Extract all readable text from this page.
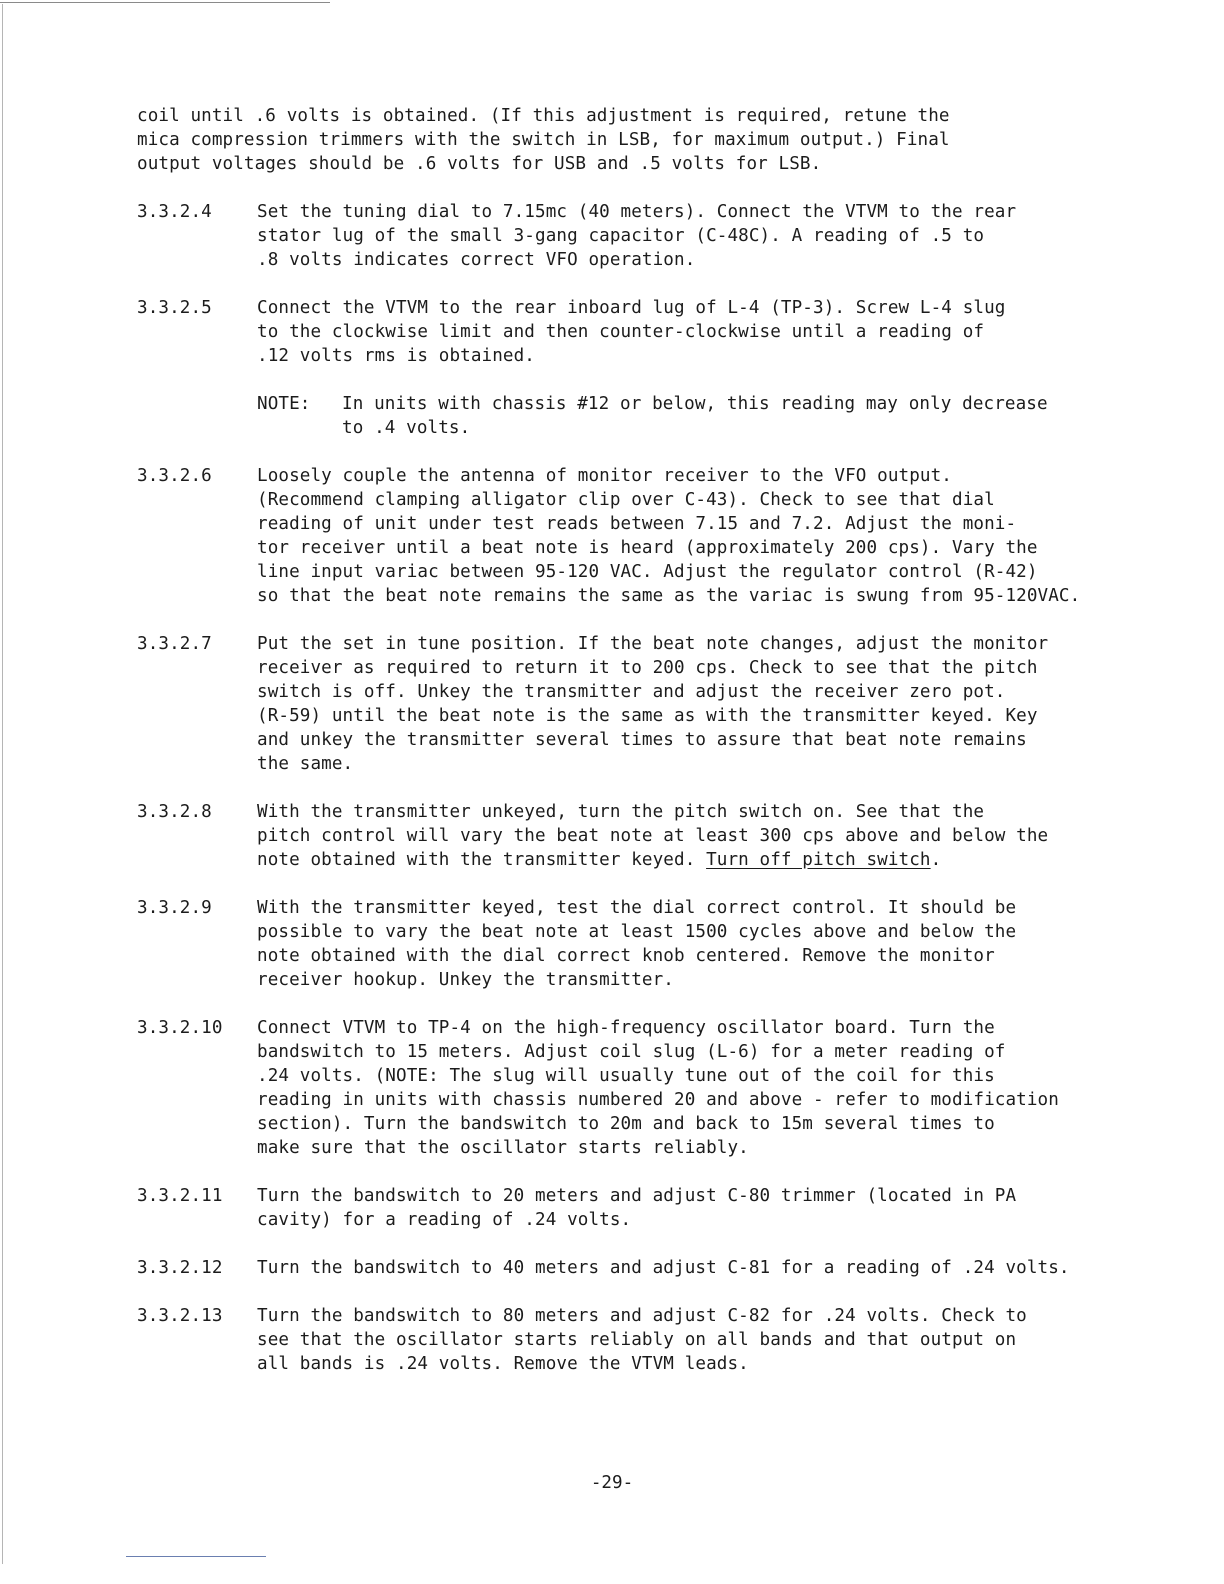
coil until .6 volts is obtained. (If this adjustment is required, retune the
mica compression trimmers with the switch in LSB, for maximum output.) Final
output voltages should be .6 volts for USB and .5 volts for LSB.

3.3.2.4	Set the tuning dial to 7.15mc (40 meters). Connect the VTVM to the rear
stator lug of the small 3-gang capacitor (C-48C). A reading of .5 to
.8 volts indicates correct VFO operation.
3.3.2.5	Connect the VTVM to the rear inboard lug of L-4 (TP-3). Screw L-4 slug
to the clockwise limit and then counter-clockwise until a reading of
.12 volts rms is obtained.
NOTE: In units with chassis #12 or below, this reading may only decrease
to .4 volts.
3.3.2.6	Loosely couple the antenna of monitor receiver to the VFO output.
(Recommend clamping alligator clip over C-43). Check to see that dial
reading of unit under test reads between 7.15 and 7.2. Adjust the moni-
tor receiver until a beat note is heard (approximately 200 cps). Vary the
line input variac between 95-120 VAC. Adjust the regulator control (R-42)
so that the beat note remains the same as the variac is swung from 95-120VAC.
3.3.2.7	Put the set in tune position. If the beat note changes, adjust the monitor
receiver as required to return it to 200 cps. Check to see that the pitch
switch is off. Unkey the transmitter and adjust the receiver zero pot.
(R-59) until the beat note is the same as with the transmitter keyed. Key
and unkey the transmitter several times to assure that beat note remains
the same.
3.3.2.8	With the transmitter unkeyed, turn the pitch switch on. See that the
pitch control will vary the beat note at least 300 cps above and below the
note obtained with the transmitter keyed. Turn off pitch switch.
3.3.2.9	With the transmitter keyed, test the dial correct control. It should be
possible to vary the beat note at least 1500 cycles above and below the
note obtained with the dial correct knob centered. Remove the monitor
receiver hookup. Unkey the transmitter.
3.3.2.10	Connect VTVM to TP-4 on the high-frequency oscillator board. Turn the
bandswitch to 15 meters. Adjust coil slug (L-6) for a meter reading of
.24 volts. (NOTE: The slug will usually tune out of the coil for this
reading in units with chassis numbered 20 and above - refer to modification
section). Turn the bandswitch to 20m and back to 15m several times to
make sure that the oscillator starts reliably.
3.3.2.11	Turn the bandswitch to 20 meters and adjust C-80 trimmer (located in PA
cavity) for a reading of .24 volts.
3.3.2.12	Turn the bandswitch to 40 meters and adjust C-81 for a reading of .24 volts.
3.3.2.13	Turn the bandswitch to 80 meters and adjust C-82 for .24 volts. Check to
see that the oscillator starts reliably on all bands and that output on
all bands is .24 volts. Remove the VTVM leads.
-29-
